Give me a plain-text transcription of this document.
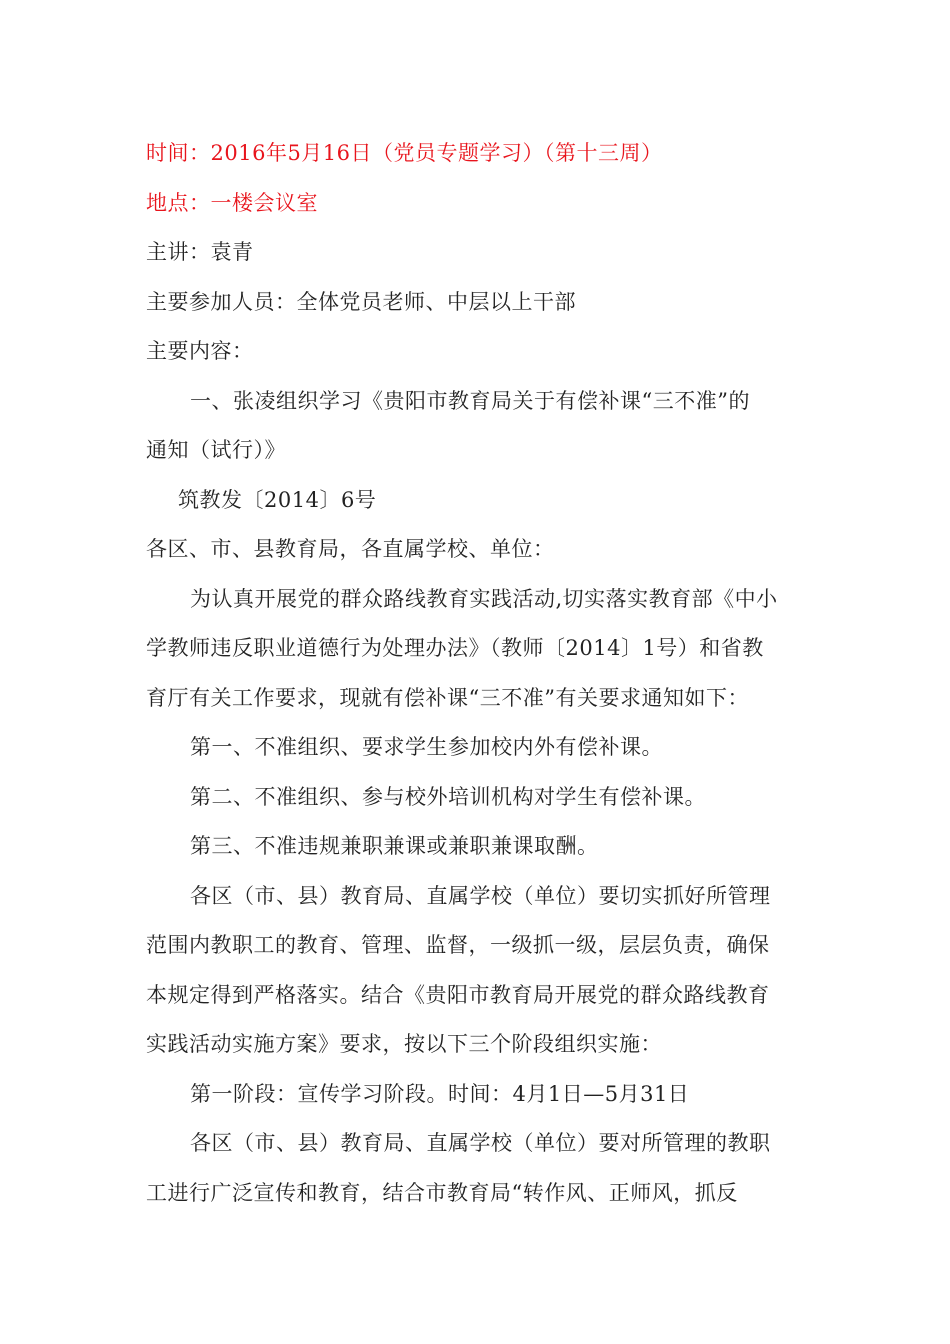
时间：2016年5月16日（党员专题学习）（第十三周）
地点：一楼会议室
主讲：袁青
主要参加人员：全体党员老师、中层以上干部
主要内容：
一、张凌组织学习《贵阳市教育局关于有偿补课“三不准”的
通知（试行）》
筑教发〔2014〕6号
各区、市、县教育局，各直属学校、单位：
为认真开展党的群众路线教育实践活动,切实落实教育部《中小
学教师违反职业道德行为处理办法》（教师〔2014〕1号）和省教
育厅有关工作要求，现就有偿补课“三不准”有关要求通知如下：
第一、不准组织、要求学生参加校内外有偿补课。
第二、不准组织、参与校外培训机构对学生有偿补课。
第三、不准违规兼职兼课或兼职兼课取酬。
各区（市、县）教育局、直属学校（单位）要切实抓好所管理
范围内教职工的教育、管理、监督，一级抓一级，层层负责，确保
本规定得到严格落实。结合《贵阳市教育局开展党的群众路线教育
实践活动实施方案》要求，按以下三个阶段组织实施：
第一阶段：宣传学习阶段。时间：4月1日—5月31日
各区（市、县）教育局、直属学校（单位）要对所管理的教职
工进行广泛宣传和教育，结合市教育局“转作风、正师风，抓反
